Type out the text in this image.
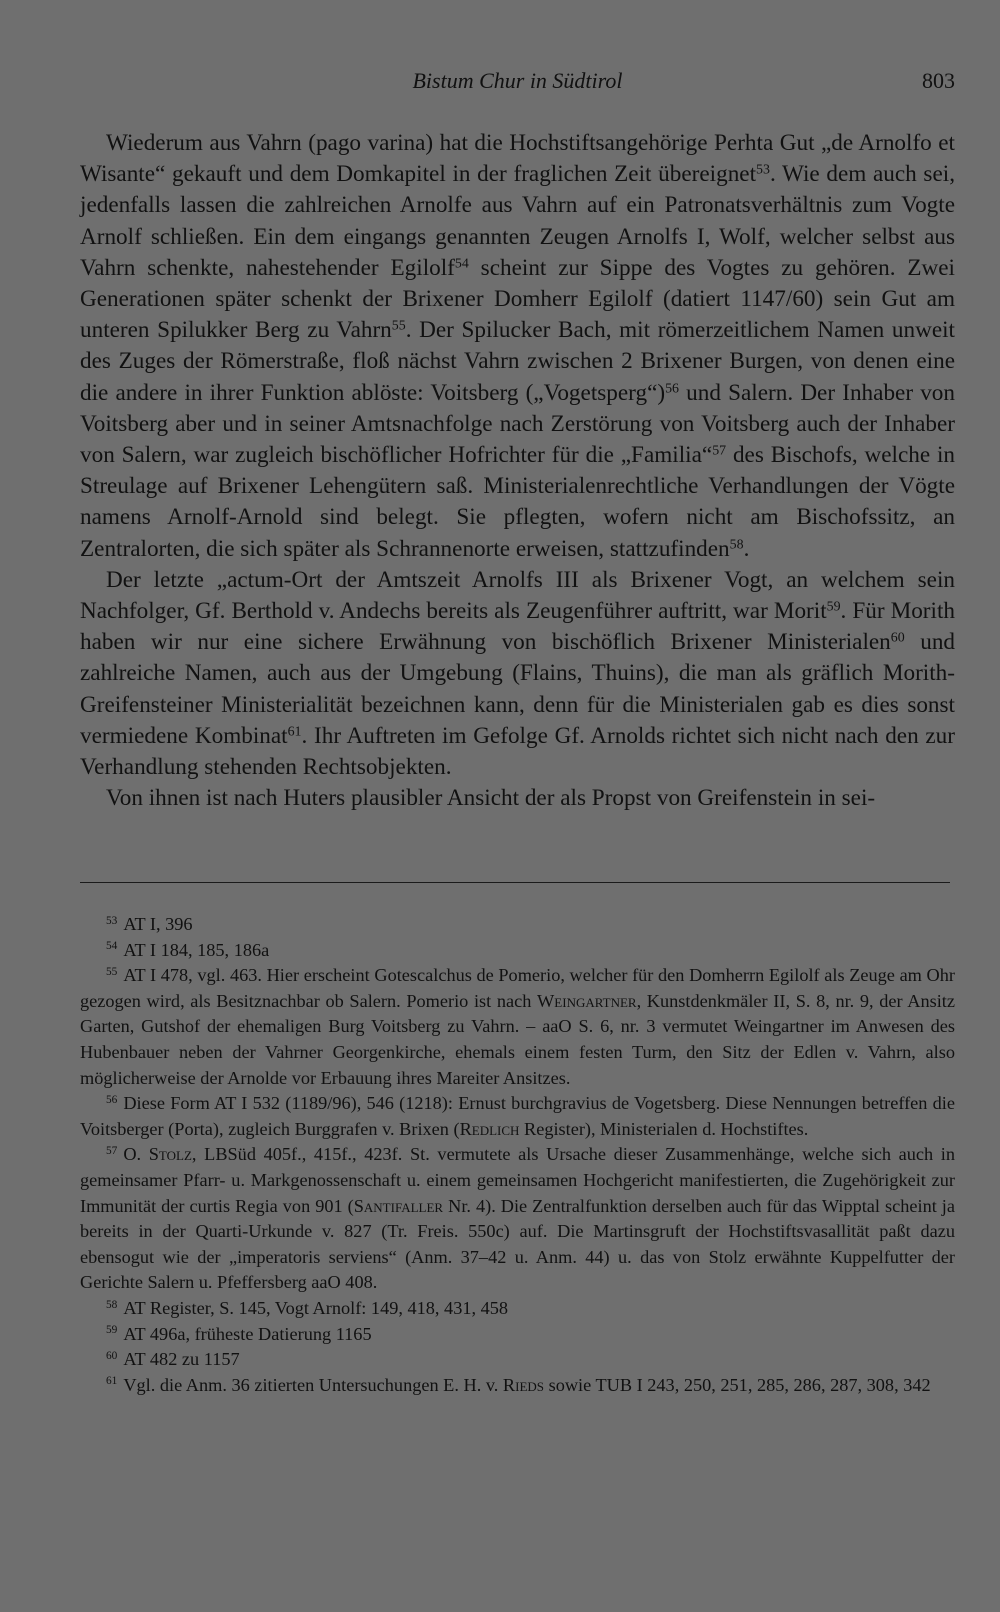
Bistum Chur in Südtirol	803

Wiederum aus Vahrn (pago varina) hat die Hochstiftsangehörige Perhta Gut „de Arnolfo et Wisante“ gekauft und dem Domkapitel in der fraglichen Zeit übereignet$^{53}$. Wie dem auch sei, jedenfalls lassen die zahlreichen Arnolfe aus Vahrn auf ein Patronatsverhältnis zum Vogte Arnolf schließen. Ein dem eingangs genannten Zeugen Arnolfs I, Wolf, welcher selbst aus Vahrn schenkte, nahestehender Egilolf$^{54}$ scheint zur Sippe des Vogtes zu gehören. Zwei Generationen später schenkt der Brixener Domherr Egilolf (datiert 1147/60) sein Gut am unteren Spilukker Berg zu Vahrn$^{55}$. Der Spilucker Bach, mit römerzeitlichem Namen unweit des Zuges der Römerstraße, floß nächst Vahrn zwischen 2 Brixener Burgen, von denen eine die andere in ihrer Funktion ablöste: Voitsberg („Vogetsperg“)$^{56}$ und Salern. Der Inhaber von Voitsberg aber und in seiner Amtsnachfolge nach Zerstörung von Voitsberg auch der Inhaber von Salern, war zugleich bischöflicher Hofrichter für die „Familia“$^{57}$ des Bischofs, welche in Streulage auf Brixener Lehengütern saß. Ministerialenrechtliche Verhandlungen der Vögte namens Arnolf-Arnold sind belegt. Sie pflegten, wofern nicht am Bischofssitz, an Zentralorten, die sich später als Schrannenorte erweisen, stattzufinden$^{58}$.

Der letzte „actum-Ort der Amtszeit Arnolfs III als Brixener Vogt, an welchem sein Nachfolger, Gf. Berthold v. Andechs bereits als Zeugenführer auftritt, war Morit$^{59}$. Für Morith haben wir nur eine sichere Erwähnung von bischöflich Brixener Ministerialen$^{60}$ und zahlreiche Namen, auch aus der Umgebung (Flains, Thuins), die man als gräflich Morith-Greifensteiner Ministerialität bezeichnen kann, denn für die Ministerialen gab es dies sonst vermiedene Kombinat$^{61}$. Ihr Auftreten im Gefolge Gf. Arnolds richtet sich nicht nach den zur Verhandlung stehenden Rechtsobjekten.

Von ihnen ist nach Huters plausibler Ansicht der als Propst von Greifenstein in sei-

$^{53}$ AT I, 396

$^{54}$ AT I 184, 185, 186a

$^{55}$ AT I 478, vgl. 463. Hier erscheint Gotescalchus de Pomerio, welcher für den Domherrn Egilolf als Zeuge am Ohr gezogen wird, als Besitznachbar ob Salern. Pomerio ist nach Weingartner, Kunstdenkmäler II, S. 8, nr. 9, der Ansitz Garten, Gutshof der ehemaligen Burg Voitsberg zu Vahrn. – aaO S. 6, nr. 3 vermutet Weingartner im Anwesen des Hubenbauer neben der Vahrner Georgenkirche, ehemals einem festen Turm, den Sitz der Edlen v. Vahrn, also möglicherweise der Arnolde vor Erbauung ihres Mareiter Ansitzes.

$^{56}$ Diese Form AT I 532 (1189/96), 546 (1218): Ernust burchgravius de Vogetsberg. Diese Nennungen betreffen die Voitsberger (Porta), zugleich Burggrafen v. Brixen (Redlich Register), Ministerialen d. Hochstiftes.

$^{57}$ O. Stolz, LBSüd 405f., 415f., 423f. St. vermutete als Ursache dieser Zusammenhänge, welche sich auch in gemeinsamer Pfarr- u. Markgenossenschaft u. einem gemeinsamen Hochgericht manifestierten, die Zugehörigkeit zur Immunität der curtis Regia von 901 (Santifaller Nr. 4). Die Zentralfunktion derselben auch für das Wipptal scheint ja bereits in der Quarti-Urkunde v. 827 (Tr. Freis. 550c) auf. Die Martinsgruft der Hochstiftsvasallität paßt dazu ebensogut wie der „imperatoris serviens“ (Anm. 37–42 u. Anm. 44) u. das von Stolz erwähnte Kuppelfutter der Gerichte Salern u. Pfeffersberg aaO 408.

$^{58}$ AT Register, S. 145, Vogt Arnolf: 149, 418, 431, 458

$^{59}$ AT 496a, früheste Datierung 1165

$^{60}$ AT 482 zu 1157

$^{61}$ Vgl. die Anm. 36 zitierten Untersuchungen E. H. v. Rieds sowie TUB I 243, 250, 251, 285, 286, 287, 308, 342
